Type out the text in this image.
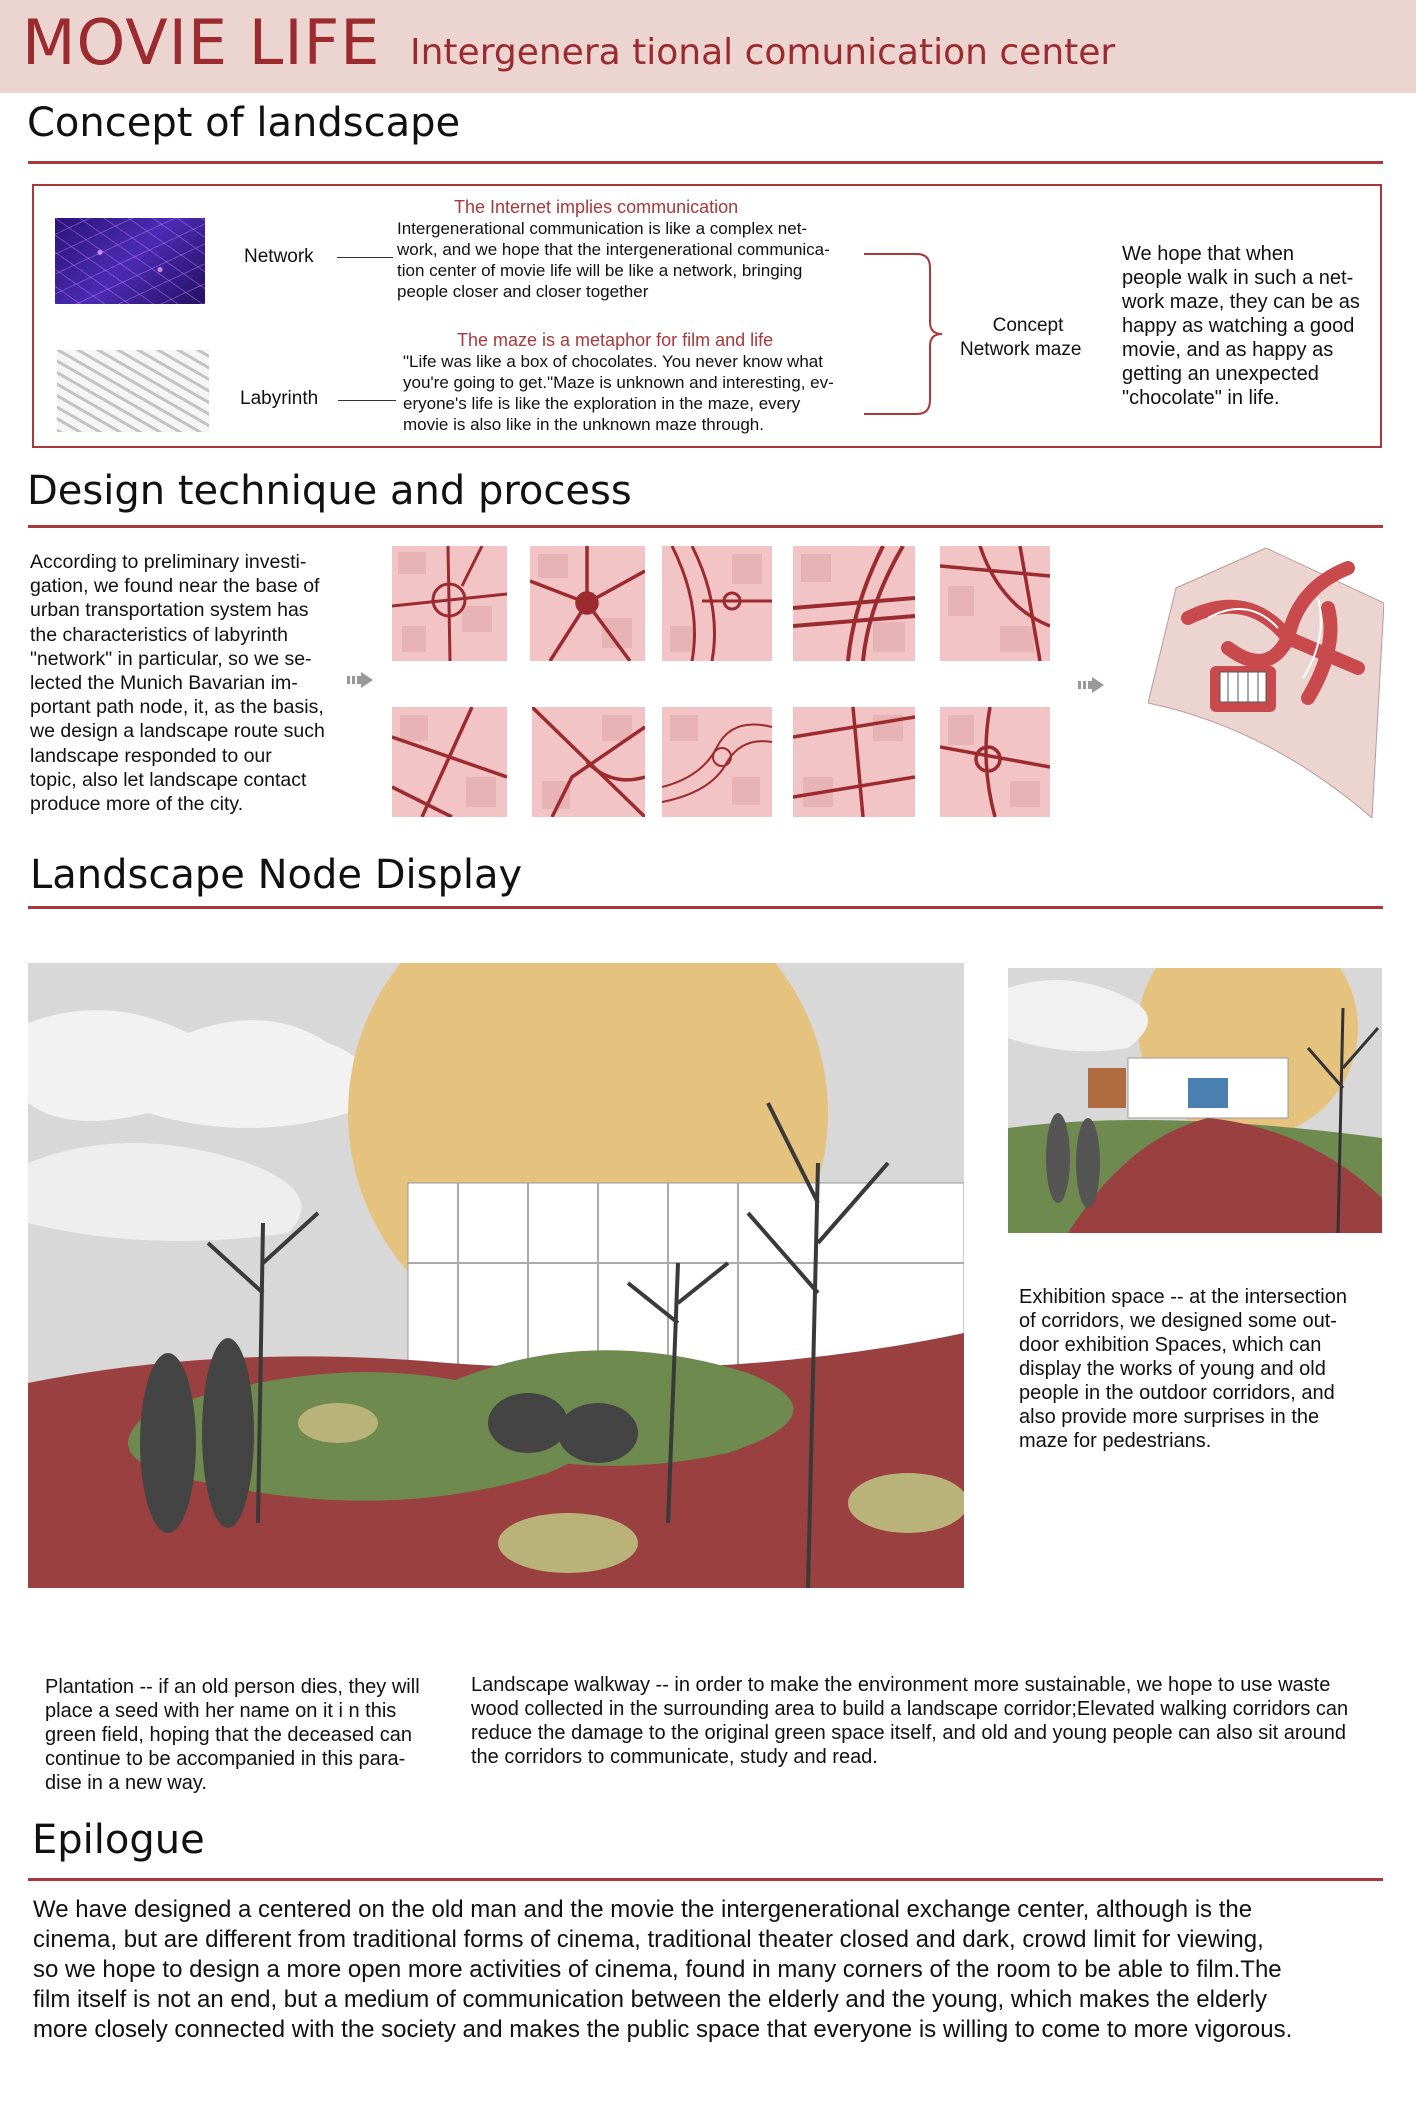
MOVIE LIFE Intergenera tional comunication center
Concept of landscape
Network
Labyrinth
The Internet implies communication
Intergenerational communication is like a complex net-
work, and we hope that the intergenerational communica-
tion center of movie life will be like a network, bringing
people closer and closer together
The maze is a metaphor for film and life
"Life was like a box of chocolates. You never know what
you're going to get."Maze is unknown and interesting, ev-
eryone's life is like the exploration in the maze, every
movie is also like in the unknown maze through.
Concept
Network maze
We hope that when
people walk in such a net-
work maze, they can be as
happy as watching a good
movie, and as happy as
getting an unexpected
"chocolate" in life.
Design technique and process
According to preliminary investi-
gation, we found near the base of
urban transportation system has
the characteristics of labyrinth
"network" in particular, so we se-
lected the Munich Bavarian im-
portant path node, it, as the basis,
we design a landscape route such
landscape responded to our
topic, also let landscape contact
produce more of the city.
Landscape Node Display
Exhibition space -- at the intersection
of corridors, we designed some out-
door exhibition Spaces, which can
display the works of young and old
people in the outdoor corridors, and
also provide more surprises in the
maze for pedestrians.
Plantation -- if an old person dies, they will
place a seed with her name on it i n this
green field, hoping that the deceased can
continue to be accompanied in this para-
dise in a new way.
Landscape walkway -- in order to make the environment more sustainable, we hope to use waste
wood collected in the surrounding area to build a landscape corridor;Elevated walking corridors can
reduce the damage to the original green space itself, and old and young people can also sit around
the corridors to communicate, study and read.
Epilogue
We have designed a centered on the old man and the movie the intergenerational exchange center, although is the
cinema, but are different from traditional forms of cinema, traditional theater closed and dark, crowd limit for viewing,
so we hope to design a more open more activities of cinema, found in many corners of the room to be able to film.The
film itself is not an end, but a medium of communication between the elderly and the young, which makes the elderly
more closely connected with the society and makes the public space that everyone is willing to come to more vigorous.
